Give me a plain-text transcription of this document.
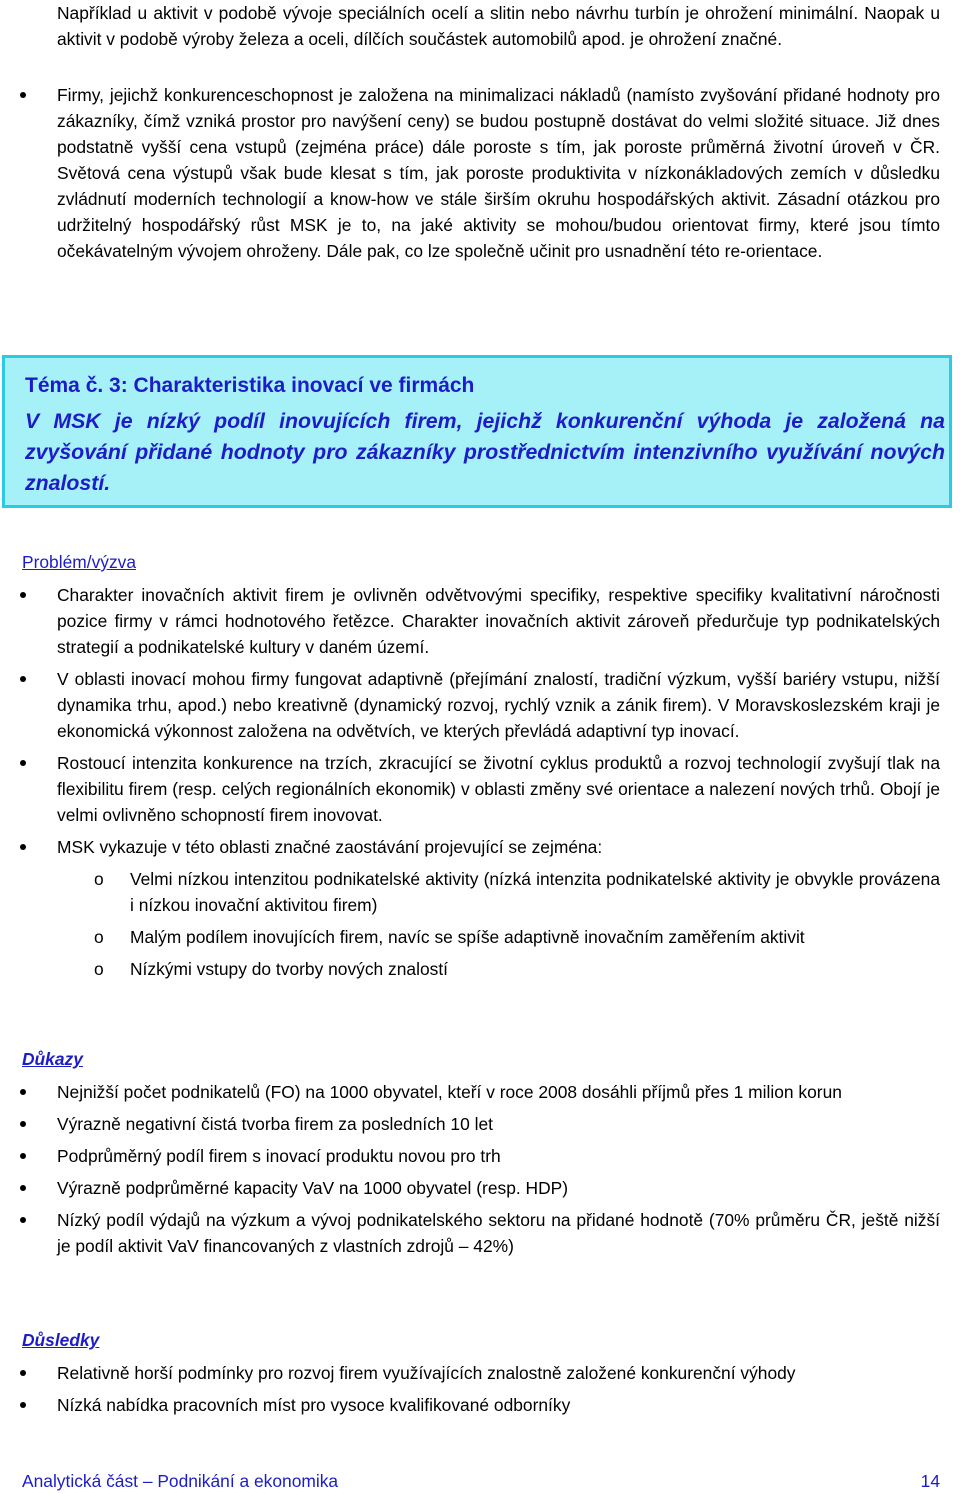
Například u aktivit v podobě vývoje speciálních ocelí a slitin nebo návrhu turbín je ohrožení minimální. Naopak u aktivit v podobě výroby železa a oceli, dílčích součástek automobilů apod. je ohrožení značné.

Firmy, jejichž konkurenceschopnost je založena na minimalizaci nákladů (namísto zvyšování přidané hodnoty pro zákazníky, čímž vzniká prostor pro navýšení ceny) se budou postupně dostávat do velmi složité situace. Již dnes podstatně vyšší cena vstupů (zejména práce) dále poroste s tím, jak poroste průměrná životní úroveň v ČR. Světová cena výstupů však bude klesat s tím, jak poroste produktivita v nízkonákladových zemích v důsledku zvládnutí moderních technologií a know-how ve stále širším okruhu hospodářských aktivit. Zásadní otázkou pro udržitelný hospodářský růst MSK je to, na jaké aktivity se mohou/budou orientovat firmy, které jsou tímto očekávatelným vývojem ohroženy. Dále pak, co lze společně učinit pro usnadnění této re-orientace.
Téma č. 3: Charakteristika inovací ve firmách
V MSK je nízký podíl inovujících firem, jejichž konkurenční výhoda je založená na zvyšování přidané hodnoty pro zákazníky prostřednictvím intenzivního využívání nových znalostí.
Problém/výzva
Charakter inovačních aktivit firem je ovlivněn odvětvovými specifiky, respektive specifiky kvalitativní náročnosti pozice firmy v rámci hodnotového řetězce. Charakter inovačních aktivit zároveň předurčuje typ podnikatelských strategií a podnikatelské kultury v daném území.
V oblasti inovací mohou firmy fungovat adaptivně (přejímání znalostí, tradiční výzkum, vyšší bariéry vstupu, nižší dynamika trhu, apod.) nebo kreativně (dynamický rozvoj, rychlý vznik a zánik firem). V Moravskoslezském kraji je ekonomická výkonnost založena na odvětvích, ve kterých převládá adaptivní typ inovací.
Rostoucí intenzita konkurence na trzích, zkracující se životní cyklus produktů a rozvoj technologií zvyšují tlak na flexibilitu firem (resp. celých regionálních ekonomik) v oblasti změny své orientace a nalezení nových trhů. Obojí je velmi ovlivněno schopností firem inovovat.
MSK vykazuje v této oblasti značné zaostávání projevující se zejména:
o Velmi nízkou intenzitou podnikatelské aktivity (nízká intenzita podnikatelské aktivity je obvykle provázena i nízkou inovační aktivitou firem)
o Malým podílem inovujících firem, navíc se spíše adaptivně inovačním zaměřením aktivit
o Nízkými vstupy do tvorby nových znalostí
Důkazy
Nejnižší počet podnikatelů (FO) na 1000 obyvatel, kteří v roce 2008 dosáhli příjmů přes 1 milion korun
Výrazně negativní čistá tvorba firem za posledních 10 let
Podprůměrný podíl firem s inovací produktu novou pro trh
Výrazně podprůměrné kapacity VaV na 1000 obyvatel (resp. HDP)
Nízký podíl výdajů na výzkum a vývoj podnikatelského sektoru na přidané hodnotě (70% průměru ČR, ještě nižší je podíl aktivit VaV financovaných z vlastních zdrojů – 42%)
Důsledky
Relativně horší podmínky pro rozvoj firem využívajících znalostně založené konkurenční výhody
Nízká nabídka pracovních míst pro vysoce kvalifikované odborníky
Analytická část – Podnikání a ekonomika	14
